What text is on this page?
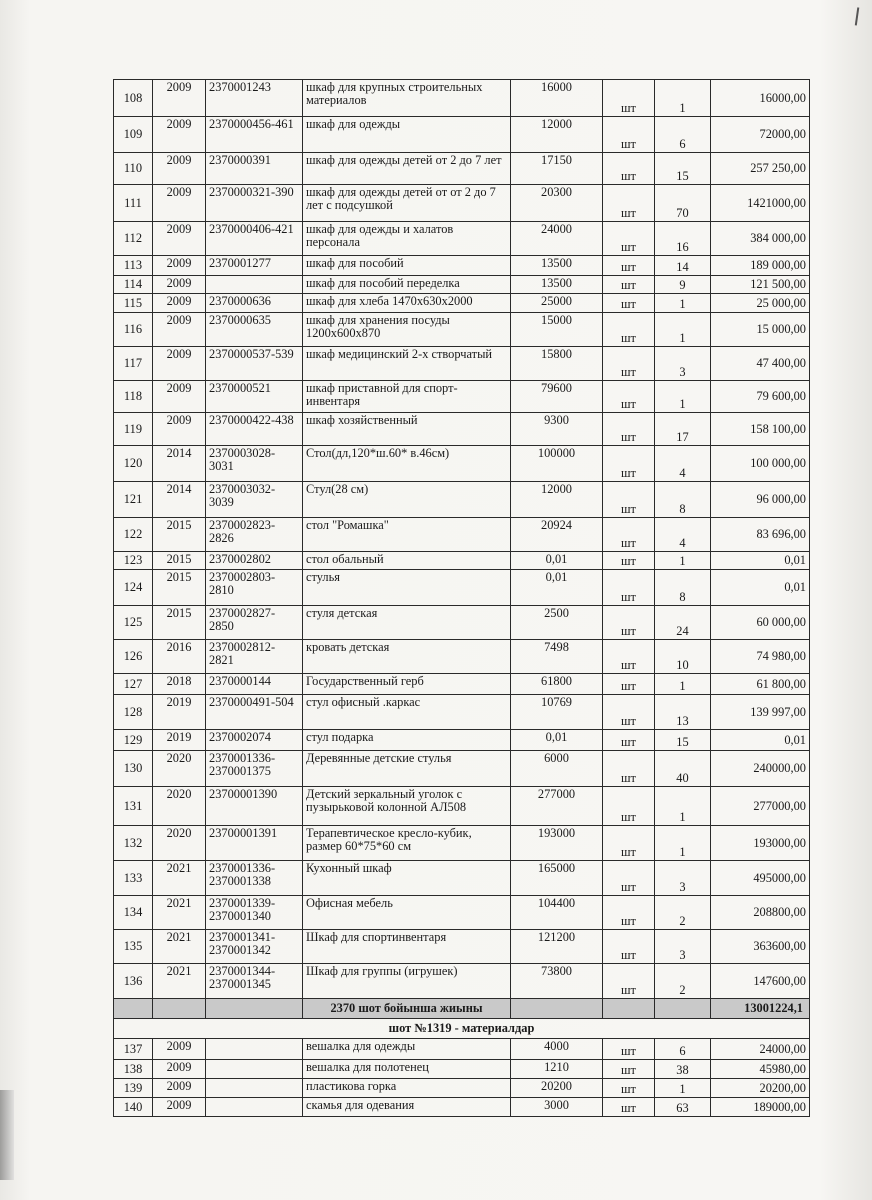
108	2009	2370001243	шкаф для крупных строительных материалов	16000	шт	1	16000,00
109	2009	2370000456-461	шкаф для одежды	12000	шт	6	72000,00
110	2009	2370000391	шкаф для одежды детей от 2 до 7 лет	17150	шт	15	257 250,00
111	2009	2370000321-390	шкаф для одежды детей от от 2 до 7 лет с подсушкой	20300	шт	70	1421000,00
112	2009	2370000406-421	шкаф для одежды и халатов персонала	24000	шт	16	384 000,00
113	2009	2370001277	шкаф для пособий	13500	шт	14	189 000,00
114	2009		шкаф для пособий переделка	13500	шт	9	121 500,00
115	2009	2370000636	шкаф для хлеба 1470х630х2000	25000	шт	1	25 000,00
116	2009	2370000635	шкаф для хранения посуды 1200х600х870	15000	шт	1	15 000,00
117	2009	2370000537-539	шкаф медицинский 2-х створчатый	15800	шт	3	47 400,00
118	2009	2370000521	шкаф приставной для спорт-инвентаря	79600	шт	1	79 600,00
119	2009	2370000422-438	шкаф хозяйственный	9300	шт	17	158 100,00
120	2014	2370003028-3031	Стол(дл,120*ш.60* в.46см)	100000	шт	4	100 000,00
121	2014	2370003032-3039	Стул(28 см)	12000	шт	8	96 000,00
122	2015	2370002823-2826	стол "Ромашка"	20924	шт	4	83 696,00
123	2015	2370002802	стол обальный	0,01	шт	1	0,01
124	2015	2370002803-2810	стулья	0,01	шт	8	0,01
125	2015	2370002827-2850	стуля детская	2500	шт	24	60 000,00
126	2016	2370002812-2821	кровать детская	7498	шт	10	74 980,00
127	2018	2370000144	Государственный герб	61800	шт	1	61 800,00
128	2019	2370000491-504	стул офисный .каркас	10769	шт	13	139 997,00
129	2019	2370002074	стул подарка	0,01	шт	15	0,01
130	2020	2370001336-2370001375	Деревянные детские стулья	6000	шт	40	240000,00
131	2020	23700001390	Детский зеркальный уголок с пузырьковой колонной АЛ508	277000	шт	1	277000,00
132	2020	23700001391	Терапевтическое кресло-кубик, размер 60*75*60 см	193000	шт	1	193000,00
133	2021	2370001336-2370001338	Кухонный шкаф	165000	шт	3	495000,00
134	2021	2370001339-2370001340	Офисная мебель	104400	шт	2	208800,00
135	2021	2370001341-2370001342	Шкаф для спортинвентаря	121200	шт	3	363600,00
136	2021	2370001344-2370001345	Шкаф для группы (игрушек)	73800	шт	2	147600,00
			2370 шот бойынша жиыны				13001224,1
шот №1319 - материалдар							
137	2009		вешалка для одежды	4000	шт	6	24000,00
138	2009		вешалка для полотенец	1210	шт	38	45980,00
139	2009		пластикова горка	20200	шт	1	20200,00
140	2009		скамья для одевания	3000	шт	63	189000,00
